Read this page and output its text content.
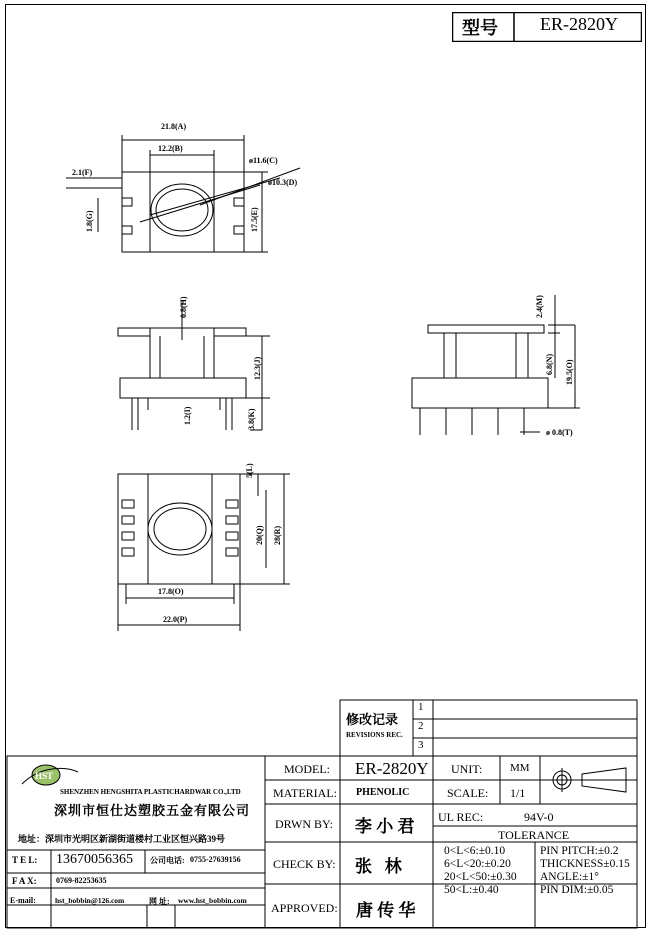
型号 ER-2820Y
21.8(A)
12.2(B)
ø11.6(C)
ø10.3(D)
2.1(F)
1.8(G)	17.5(E)
0.8(H)
12.3(J)
1.2(I)	3.8(K)
2.4(M)
6.8(N) 19.5(O)
ø 0.8(T)
5(L)
20(Q) 28(R)
17.8(O)
22.0(P)
修改记录
REVISIONS REC.
1
2
3
HST
SHENZHEN HENGSHITA PLASTICHARDWAR CO.,LTD
深圳市恒仕达塑胶五金有限公司
地址：深圳市光明区新湖街道楼村工业区恒兴路39号
T E L: 13670056365 公司电话: 0755-27639156
F A X: 0769-82253635
E-mail:	hst_bobbin@126.com	网 址: www.hst_bobbin.com
MODEL: ER-2820Y
MATERIAL: PHENOLIC
DRWN BY: 李 小 君
CHECK BY: 张   林
APPROVED: 唐 传 华
UNIT:	MM
SCALE: 1/1
UL REC:	94V-0
TOLERANCE
0<L<6:±0.10
6<L<20:±0.20
20<L<50:±0.30
50<L:±0.40
PIN PITCH:±0.2
THICKNESS±0.15
ANGLE:±1°
PIN DIM:±0.05
